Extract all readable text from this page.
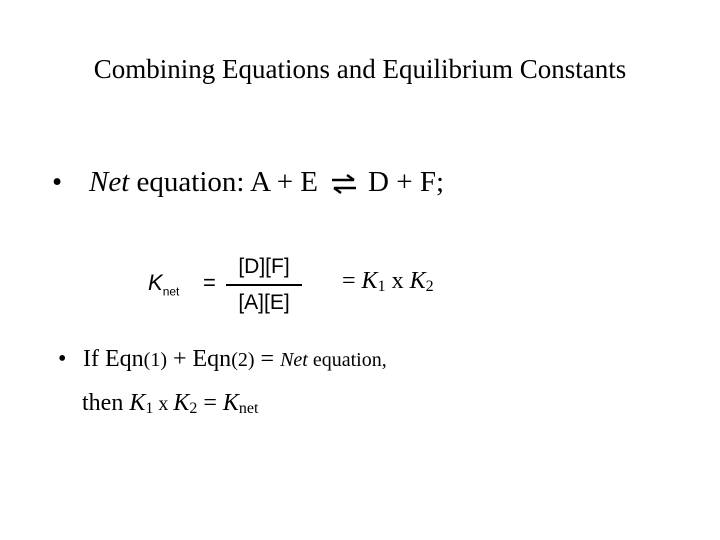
Combining Equations and Equilibrium Constants
• Net equation: A + E ⇌ D + F;
$K_{net}$ =
[D][F]
[A][E]
= $K_1$ x $K_2$
• If Eqn(1) + Eqn(2) = Net equation,
then $K_1$ x $K_2 = K_{net}$
